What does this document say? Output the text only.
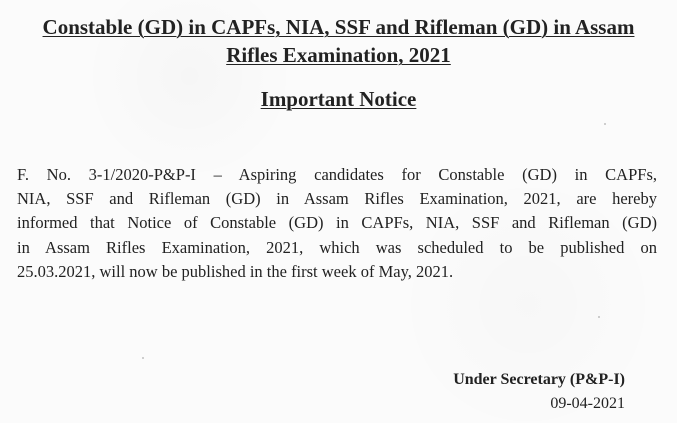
Constable (GD) in CAPFs, NIA, SSF and Rifleman (GD) in Assam
Rifles Examination, 2021
Important Notice
F. No. 3-1/2020-P&P-I – Aspiring candidates for Constable (GD) in CAPFs,
NIA, SSF and Rifleman (GD) in Assam Rifles Examination, 2021, are hereby
informed that Notice of Constable (GD) in CAPFs, NIA, SSF and Rifleman (GD)
in Assam Rifles Examination, 2021, which was scheduled to be published on
25.03.2021, will now be published in the first week of May, 2021.
Under Secretary (P&P-I)
09-04-2021
